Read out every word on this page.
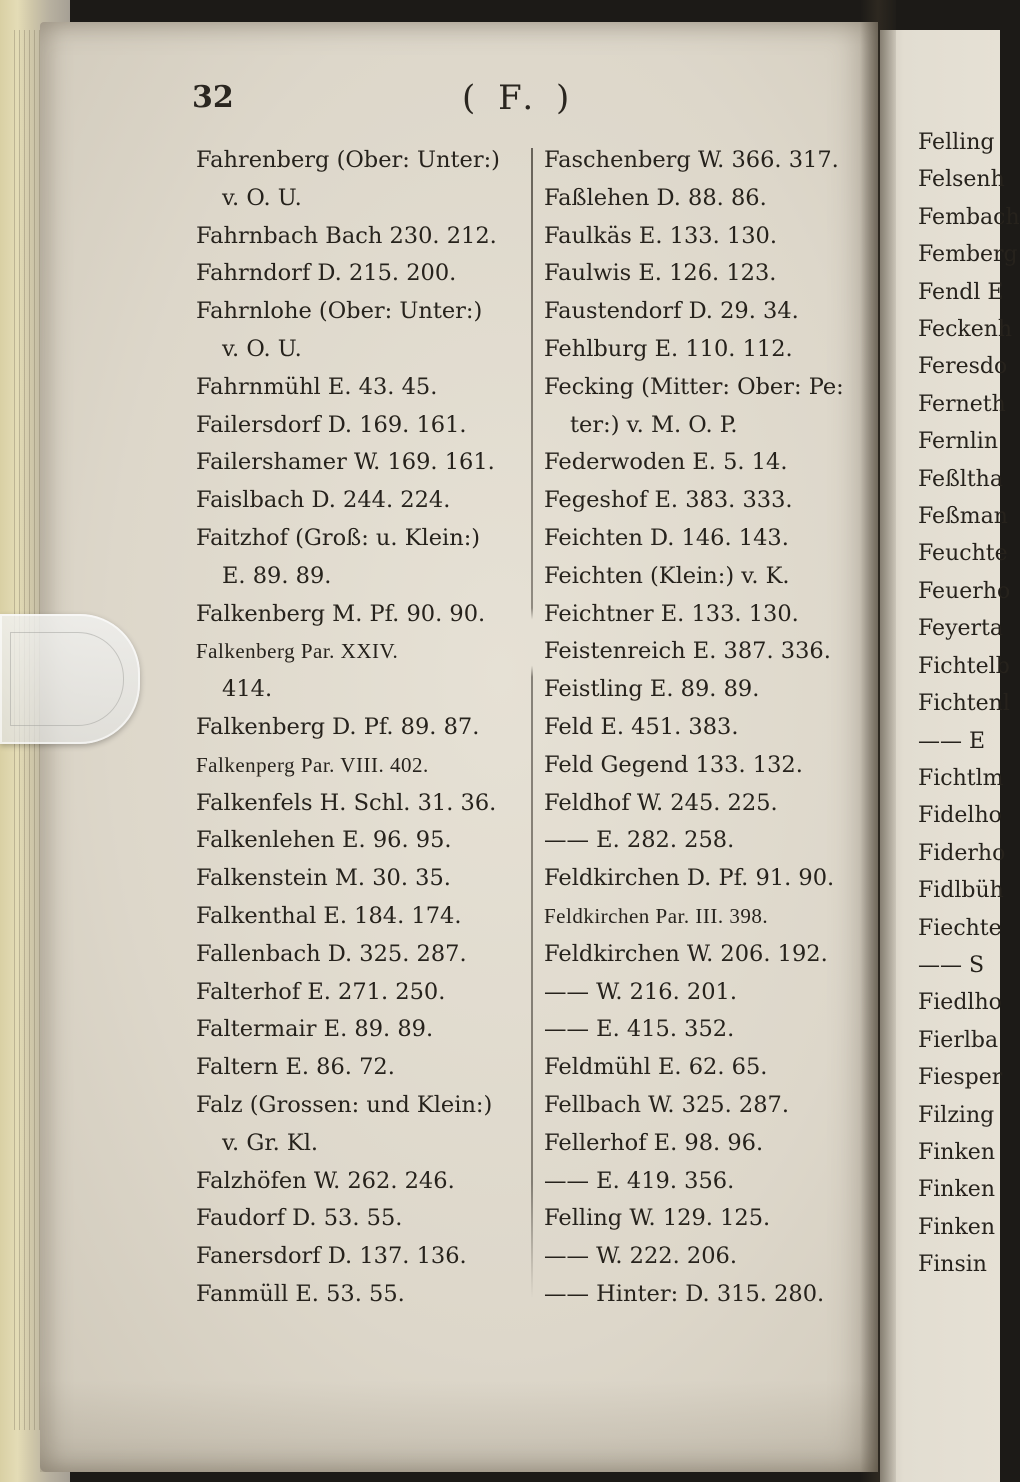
32	( F. )
Fahrenberg (Ober: Unter:)
v. O. U.
Fahrnbach Bach 230. 212.
Fahrndorf D. 215. 200.
Fahrnlohe (Ober: Unter:)
v. O. U.
Fahrnmühl E. 43. 45.
Failersdorf D. 169. 161.
Failershamer W. 169. 161.
Faislbach D. 244. 224.
Faitzhof (Groß: u. Klein:)
E. 89. 89.
Falkenberg M. Pf. 90. 90.
Falkenberg Par. XXIV.
414.
Falkenberg D. Pf. 89. 87.
Falkenperg Par. VIII. 402.
Falkenfels H. Schl. 31. 36.
Falkenlehen E. 96. 95.
Falkenstein M. 30. 35.
Falkenthal E. 184. 174.
Fallenbach D. 325. 287.
Falterhof E. 271. 250.
Faltermair E. 89. 89.
Faltern E. 86. 72.
Falz (Grossen: und Klein:)
v. Gr. Kl.
Falzhöfen W. 262. 246.
Faudorf D. 53. 55.
Fanersdorf D. 137. 136.
Fanmüll E. 53. 55.
Faschenberg W. 366. 317.
Faßlehen D. 88. 86.
Faulkäs E. 133. 130.
Faulwis E. 126. 123.
Faustendorf D. 29. 34.
Fehlburg E. 110. 112.
Fecking (Mitter: Ober: Pe:
ter:) v. M. O. P.
Federwoden E. 5. 14.
Fegeshof E. 383. 333.
Feichten D. 146. 143.
Feichten (Klein:) v. K.
Feichtner E. 133. 130.
Feistenreich E. 387. 336.
Feistling E. 89. 89.
Feld E. 451. 383.
Feld Gegend 133. 132.
Feldhof W. 245. 225.
—— E. 282. 258.
Feldkirchen D. Pf. 91. 90.
Feldkirchen Par. III. 398.
Feldkirchen W. 206. 192.
—— W. 216. 201.
—— E. 415. 352.
Feldmühl E. 62. 65.
Fellbach W. 325. 287.
Fellerhof E. 98. 96.
—— E. 419. 356.
Felling W. 129. 125.
—— W. 222. 206.
—— Hinter: D. 315. 280.
Felling
Felsenh
Fembach
Femberg
Fendl E
Feckenh
Feresdo
Ferneth
Fernlin
Feßltha
Feßman
Feuchte
Feuerho
Feyerta
Fichtelb
Fichtenl
—— E
Fichtlm
Fidelho
Fiderho
Fidlbüh
Fiechte
—— S
Fiedlho
Fierlba
Fiesper
Filzing
Finken
Finken
Finken
Finsin
